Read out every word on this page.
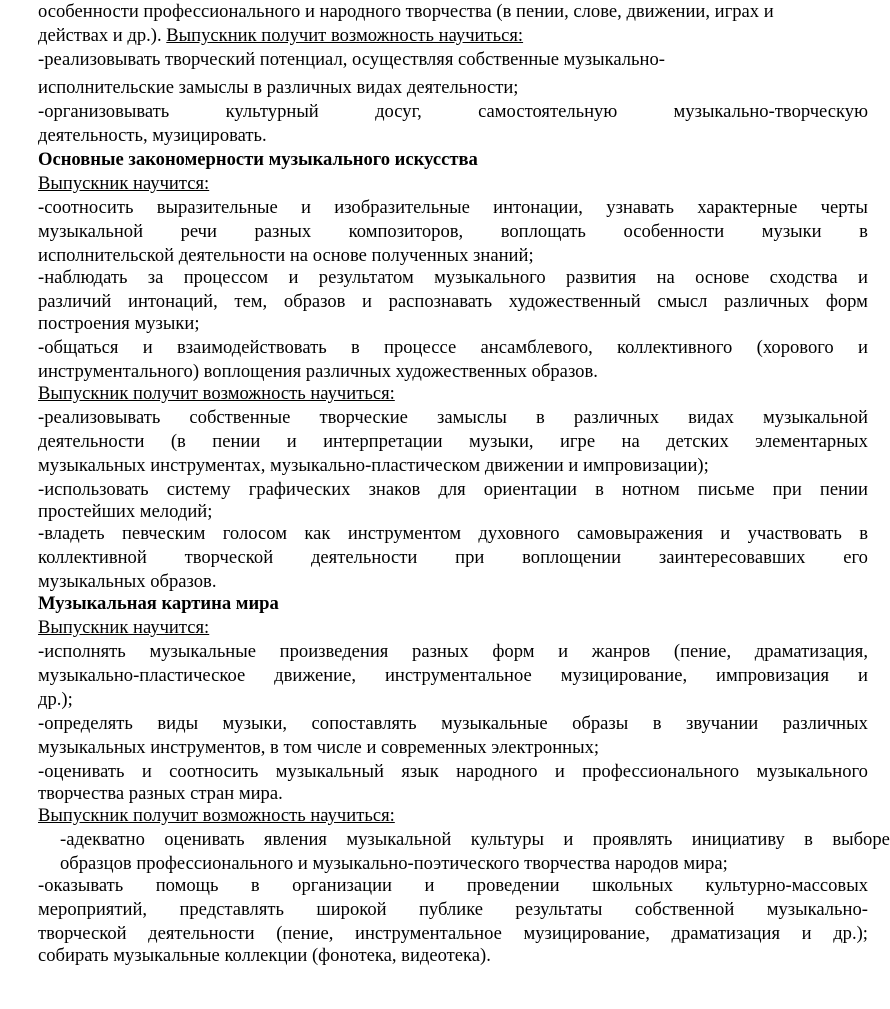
особенности профессионального и народного творчества (в пении, слове, движении, играх и
действах и др.). Выпускник получит возможность научиться:
-реализовывать творческий потенциал, осуществляя собственные музыкально-
исполнительские замыслы в различных видах деятельности;
-организовывать	культурный	досуг,	самостоятельную	музыкально-творческую
деятельность, музицировать.
Основные закономерности музыкального искусства
Выпускник научится:
-соотносить выразительные и изобразительные интонации, узнавать характерные черты
музыкальной речи разных композиторов, воплощать особенности музыки в
исполнительской деятельности на основе полученных знаний;
-наблюдать за процессом и результатом музыкального развития на основе сходства и
различий интонаций, тем, образов и распознавать художественный смысл различных форм
построения музыки;
-общаться и взаимодействовать в процессе ансамблевого, коллективного (хорового и
инструментального) воплощения различных художественных образов.
Выпускник получит возможность научиться:
-реализовывать собственные творческие замыслы в различных видах музыкальной
деятельности (в пении и интерпретации музыки, игре на детских элементарных
музыкальных инструментах, музыкально-пластическом движении и импровизации);
-использовать систему графических знаков для ориентации в нотном письме при пении
простейших мелодий;
-владеть певческим голосом как инструментом духовного самовыражения и участвовать в
коллективной творческой деятельности при воплощении заинтересовавших его
музыкальных образов.
Музыкальная картина мира
Выпускник научится:
-исполнять музыкальные произведения разных форм и жанров (пение, драматизация,
музыкально-пластическое движение, инструментальное музицирование, импровизация и
др.);
-определять виды музыки, сопоставлять музыкальные образы в звучании различных
музыкальных инструментов, в том числе и современных электронных;
-оценивать и соотносить музыкальный язык народного и профессионального музыкального
творчества разных стран мира.
Выпускник получит возможность научиться:
-адекватно оценивать явления музыкальной культуры и проявлять инициативу в выборе
образцов профессионального и музыкально-поэтического творчества народов мира;
-оказывать помощь в организации и проведении школьных культурно-массовых
мероприятий, представлять широкой публике результаты собственной музыкально-
творческой деятельности (пение, инструментальное музицирование, драматизация и др.);
собирать музыкальные коллекции (фонотека, видеотека).
